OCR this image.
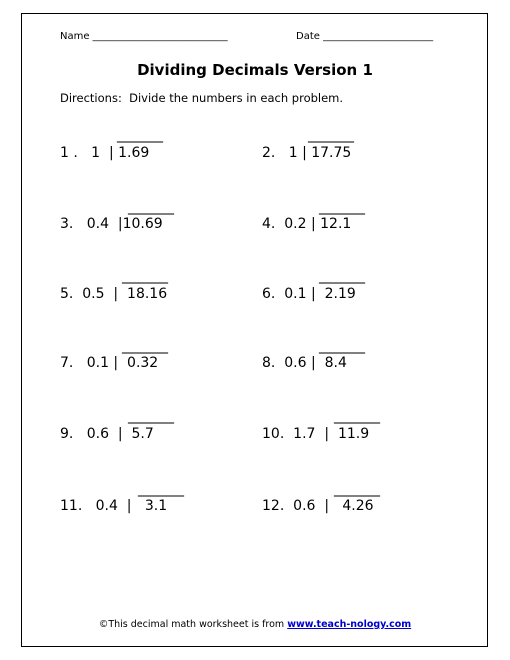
Name ___________________________	Date ______________________
Dividing Decimals Version 1
Directions:  Divide the numbers in each problem.
_______
1 .   1  | 1.69
_______
2.   1 | 17.75
_______
3.   0.4  |10.69
_______
4.  0.2 | 12.1
_______
5.  0.5  |  18.16
_______
6.  0.1 |  2.19
_______
7.   0.1 |  0.32
_______
8.  0.6 |  8.4
_______
9.   0.6  |  5.7
_______
10.  1.7  |  11.9
_______
11.   0.4  |   3.1
_______
12.  0.6  |   4.26
©This decimal math worksheet is from www.teach-nology.com
